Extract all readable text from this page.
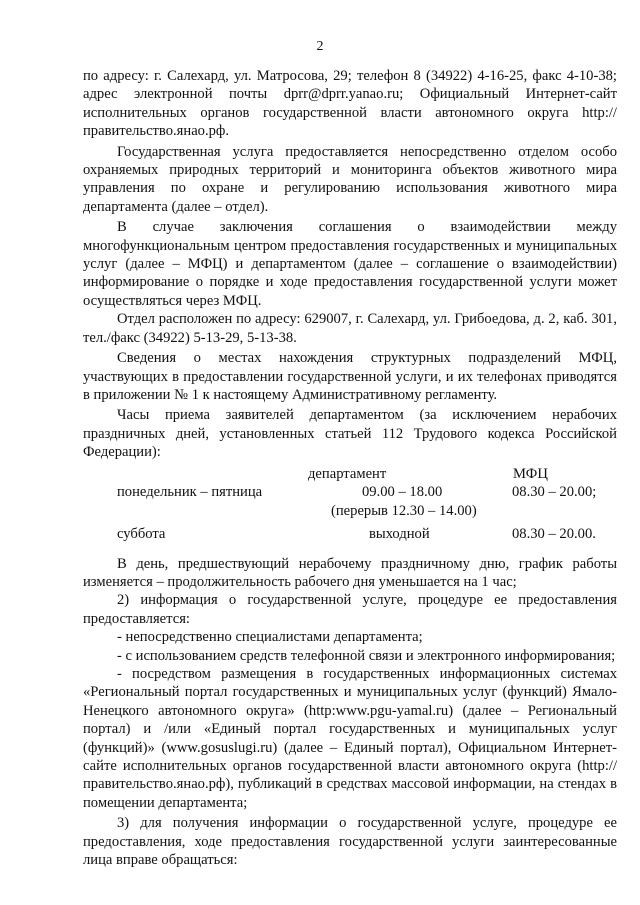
2

по адресу: г. Салехард, ул. Матросова, 29; телефон 8 (34922) 4-16-25, факс 4-10-38; адрес электронной почты dprr@dprr.yanao.ru; Официальный Интернет-сайт исполнительных органов государственной власти автономного округа http://правительство.янао.рф.

Государственная услуга предоставляется непосредственно отделом особо охраняемых природных территорий и мониторинга объектов животного мира управления по охране и регулированию использования животного мира департамента (далее – отдел).

В случае заключения соглашения о взаимодействии между многофункциональным центром предоставления государственных и муниципальных услуг (далее – МФЦ) и департаментом (далее – соглашение о взаимодействии) информирование о порядке и ходе предоставления государственной услуги может осуществляться через МФЦ.

Отдел расположен по адресу: 629007, г. Салехард, ул. Грибоедова, д. 2, каб. 301, тел./факс (34922) 5-13-29, 5-13-38.

Сведения о местах нахождения структурных подразделений МФЦ, участвующих в предоставлении государственной услуги, и их телефонах приводятся в приложении № 1 к настоящему Административному регламенту.

Часы приема заявителей департаментом (за исключением нерабочих праздничных дней, установленных статьей 112 Трудового кодекса Российской Федерации):

департамент	МФЦ
понедельник – пятница	09.00 – 18.00	08.30 – 20.00;
(перерыв 12.30 – 14.00)
суббота	выходной	08.30 – 20.00.

В день, предшествующий нерабочему праздничному дню, график работы изменяется – продолжительность рабочего дня уменьшается на 1 час;

2) информация о государственной услуге, процедуре ее предоставления предоставляется:

- непосредственно специалистами департамента;

- с использованием средств телефонной связи и электронного информирования;

- посредством размещения в государственных информационных системах «Региональный портал государственных и муниципальных услуг (функций) Ямало-Ненецкого автономного округа» (http:www.pgu-yamal.ru) (далее – Региональный портал) и /или «Единый портал государственных и муниципальных услуг (функций)» (www.gosuslugi.ru) (далее – Единый портал), Официальном Интернет-сайте исполнительных органов государственной власти автономного округа (http://правительство.янао.рф), публикаций в средствах массовой информации, на стендах в помещении департамента;

3) для получения информации о государственной услуге, процедуре ее предоставления, ходе предоставления государственной услуги заинтересованные лица вправе обращаться:
